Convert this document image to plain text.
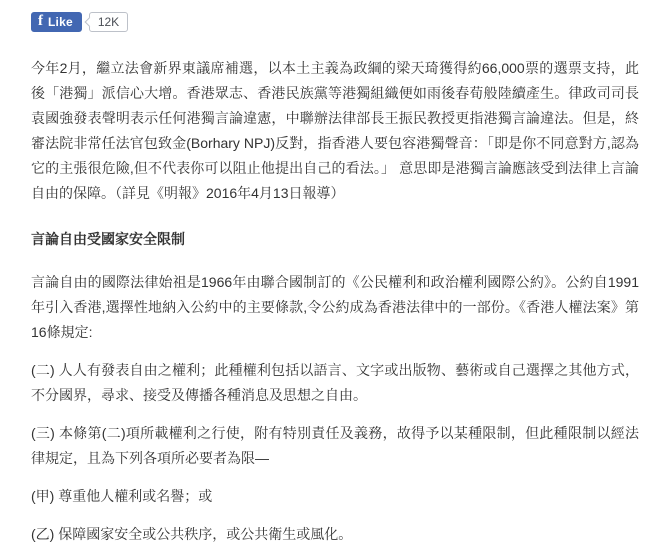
f Like 12K

今年2月，繼立法會新界東議席補選，以本土主義為政綱的梁天琦獲得約66,000票的選票支持，此後「港獨」派信心大增。香港眾志、香港民族黨等港獨組織便如雨後春荀般陸續產生。律政司司長袁國強發表聲明表示任何港獨言論違憲，中聯辦法律部長王振民教授更指港獨言論違法。但是，終審法院非常任法官包致金(Borhary NPJ)反對，指香港人要包容港獨聲音：「即是你不同意對方,認為它的主張很危險,但不代表你可以阻止他提出自己的看法。」 意思即是港獨言論應該受到法律上言論自由的保障。（詳見《明報》2016年4月13日報導）

言論自由受國家安全限制

言論自由的國際法律始祖是1966年由聯合國制訂的《公民權利和政治權利國際公約》。公約自1991年引入香港,選擇性地納入公約中的主要條款,令公約成為香港法律中的一部份。《香港人權法案》第16條規定:

(二) 人人有發表自由之權利；此種權利包括以語言、文字或出版物、藝術或自己選擇之其他方式，不分國界，尋求、接受及傳播各種消息及思想之自由。

(三) 本條第(二)項所載權利之行使，附有特別責任及義務，故得予以某種限制，但此種限制以經法律規定，且為下列各項所必要者為限—

(甲) 尊重他人權利或名譽；或

(乙) 保障國家安全或公共秩序，或公共衛生或風化。
